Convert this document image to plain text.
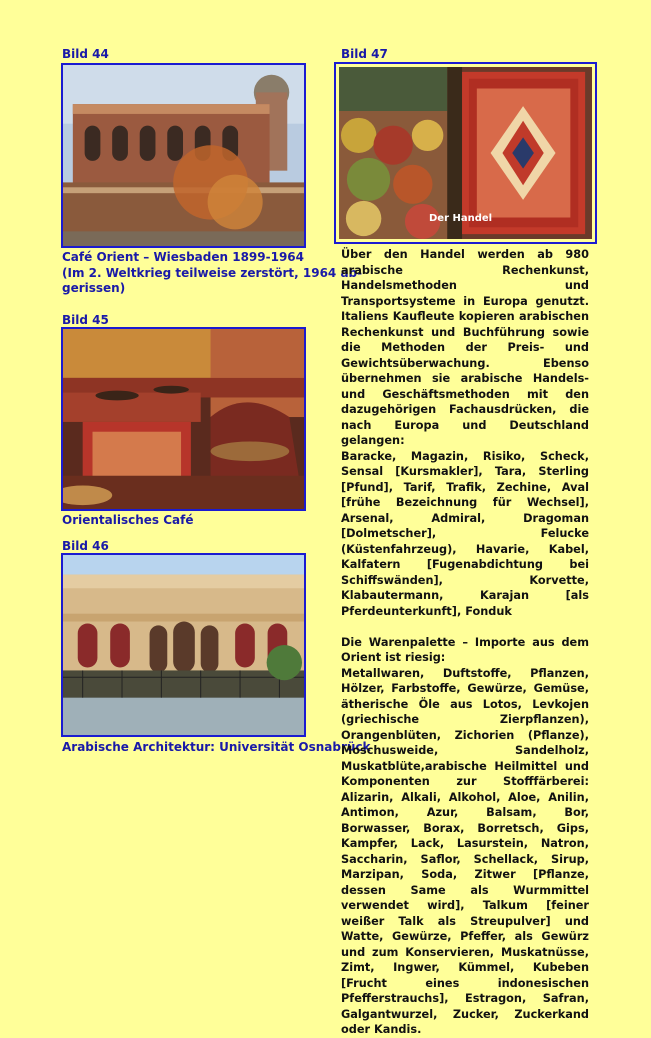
Bild 44
Café Orient – Wiesbaden 1899-1964
(Im 2. Weltkrieg teilweise zerstört, 1964 ab-
gerissen)
Bild 45
Orientalisches Café
Bild 46
Arabische Architektur: Universität Osnabrück
Bild 47
Der Handel

Über den Handel werden ab 980 arabische Rechenkunst, Handelsmethoden und Transportsysteme in Europa genutzt. Italiens Kaufleute kopieren arabischen Rechenkunst und Buchführung sowie die Methoden der Preis- und Gewichtsüberwachung. Ebenso übernehmen sie arabische Handels- und Geschäftsmethoden mit den dazugehörigen Fachausdrücken, die nach Europa und Deutschland gelangen:

Baracke, Magazin, Risiko, Scheck, Sensal [Kursmakler], Tara, Sterling [Pfund], Tarif, Trafik, Zechine, Aval [frühe Bezeichnung für Wechsel], Arsenal, Admiral, Dragoman [Dolmetscher], Felucke (Küstenfahrzeug), Havarie, Kabel, Kalfatern [Fugenabdichtung bei Schiffswänden], Korvette, Klabautermann, Karajan [als Pferdeunterkunft], Fonduk

Die Warenpalette – Importe aus dem Orient ist riesig:

Metallwaren, Duftstoffe, Pflanzen, Hölzer, Farbstoffe, Gewürze, Gemüse, ätherische Öle aus Lotos, Levkojen (griechische Zierpflanzen), Orangenblüten, Zichorien (Pflanze), Moschusweide, Sandelholz, Muskatblüte,arabische Heilmittel und Komponenten zur Stofffärberei: Alizarin, Alkali, Alkohol, Aloe, Anilin, Antimon, Azur, Balsam, Bor, Borwasser, Borax, Borretsch, Gips, Kampfer, Lack, Lasurstein, Natron, Saccharin, Saflor, Schellack, Sirup, Marzipan, Soda, Zitwer [Pflanze, dessen Same als Wurmmittel verwendet wird], Talkum [feiner weißer Talk als Streupulver] und Watte, Gewürze, Pfeffer, als Gewürz und zum Konservieren, Muskatnüsse, Zimt, Ingwer, Kümmel, Kubeben [Frucht eines indonesischen Pfefferstrauchs], Estragon, Safran, Galgantwurzel, Zucker, Zuckerkand oder Kandis.
